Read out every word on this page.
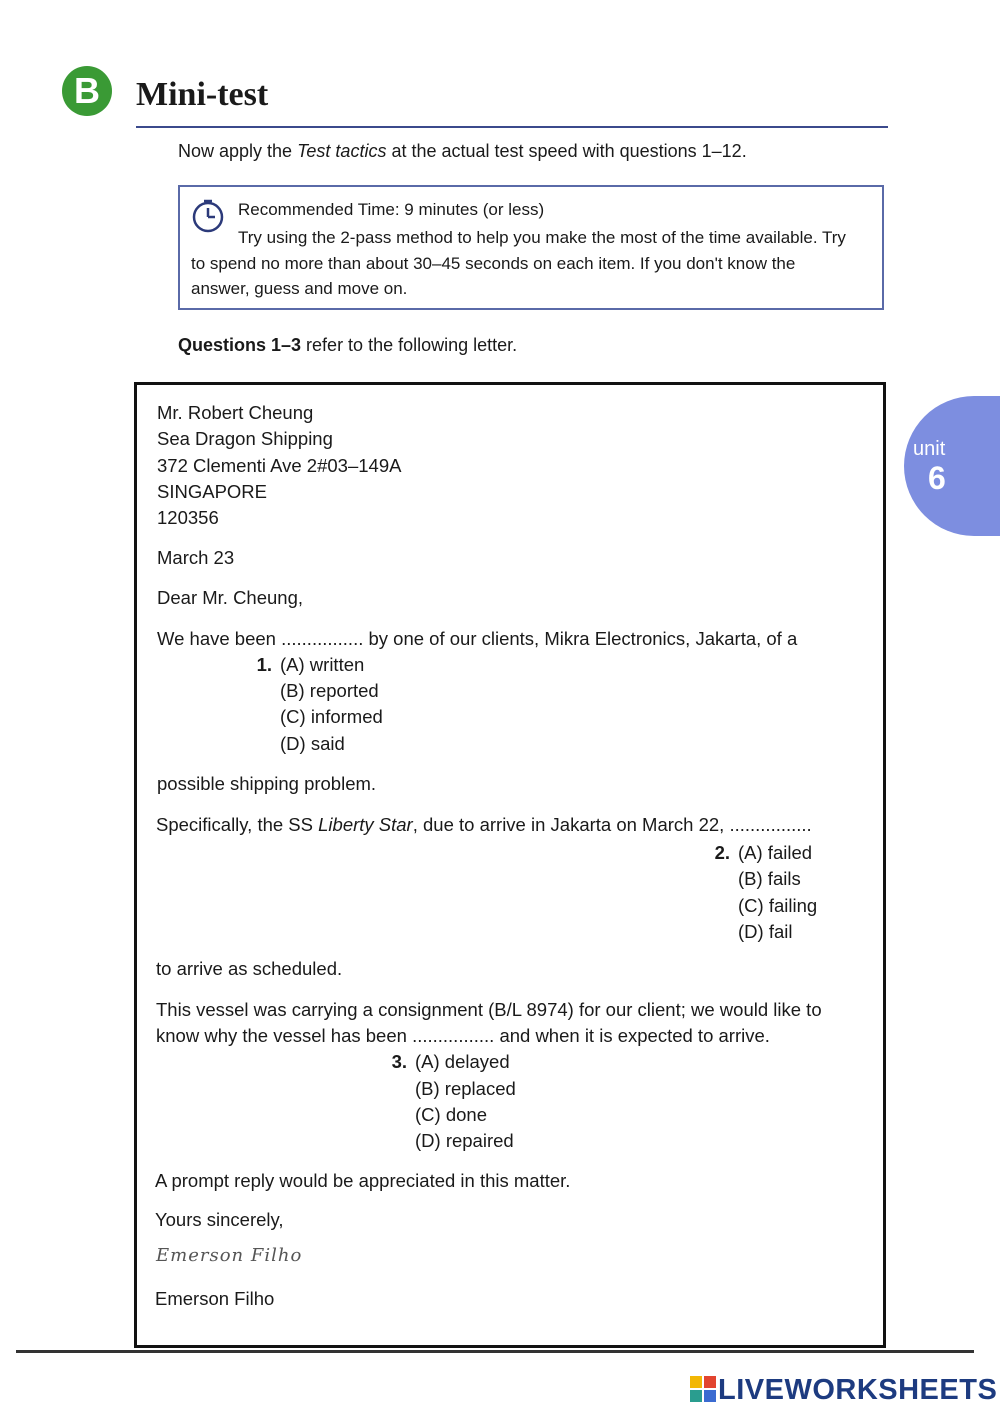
B	Mini-test
Now apply the Test tactics at the actual test speed with questions 1–12.
Recommended Time: 9 minutes (or less)
Try using the 2-pass method to help you make the most of the time available. Try
to spend no more than about 30–45 seconds on each item. If you don't know the
answer, guess and move on.
Questions 1–3 refer to the following letter.
Mr. Robert Cheung
Sea Dragon Shipping
372 Clementi Ave 2#03–149A
SINGAPORE
120356
March 23
Dear Mr. Cheung,
We have been ................ by one of our clients, Mikra Electronics, Jakarta, of a
1. (A) written
(B) reported
(C) informed
(D) said
possible shipping problem.
Specifically, the SS Liberty Star, due to arrive in Jakarta on March 22, ................
2. (A) failed
(B) fails
(C) failing
(D) fail
to arrive as scheduled.
This vessel was carrying a consignment (B/L 8974) for our client; we would like to
know why the vessel has been ................ and when it is expected to arrive.
3. (A) delayed
(B) replaced
(C) done
(D) repaired
A prompt reply would be appreciated in this matter.
Yours sincerely,
Emerson Filho
Emerson Filho
unit
6
LIVEWORKSHEETS
